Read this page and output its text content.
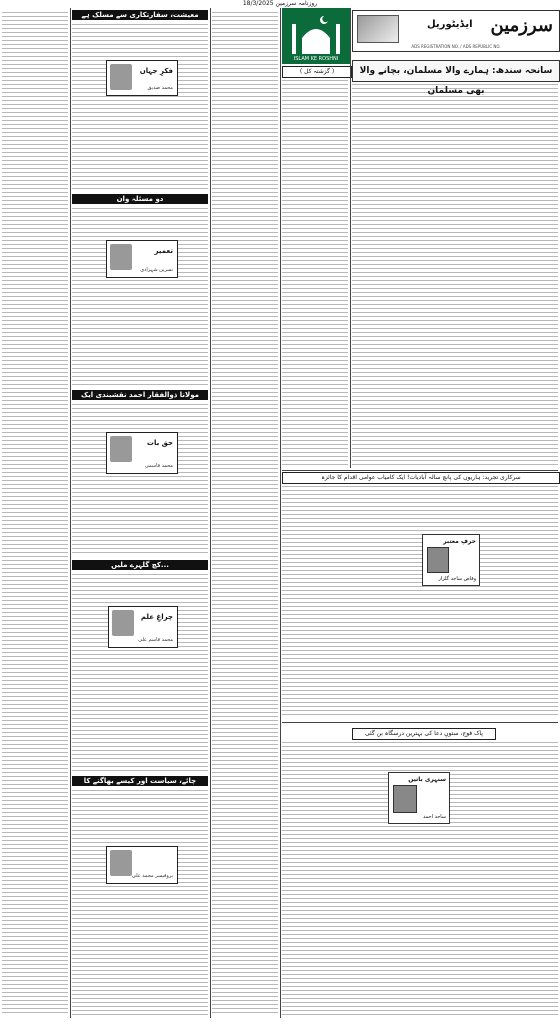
روزنامہ سرزمین 18/3/2025
ایڈیٹوریل سرزمین
ADS REGISTRATION NO. / ADS REPUBLIC NO.
ISLAM KE ROSHNI
سانحہ سندھ: ہمارے والا مسلمان، بچانے والا بھی مسلمان
( گزشتہ کل )
معیشت، سفارتکاری سے مسلک ہے
فکرِ جہاں
محمد صدیق
دو مسئلہ وان
تعمیر
نسرین شہزادی
مولانا ذوالفقار احمد نقشبندی ایک عظیم روحانی شخصیت
حق بات
محمد قاسمی
کچ گلہرے ملیں...
چراغِ علم
محمد قاسم علی
چائے، سیاست اور کیسے بھاگنے کا سلیقہ
پروفیسر محمد علی
سرکاری تجرید: ہاریوں کی پانچ سالہ آبادیات! ایک کامیاب عوامی اقدام کا جائزہ
حرفِ معتبر
وقاص ساجد گلزار
پاک فوج، ستونِ دعا کی بہترین درسگاہ بن گئی
سنہری باتیں
ساجد احمد
